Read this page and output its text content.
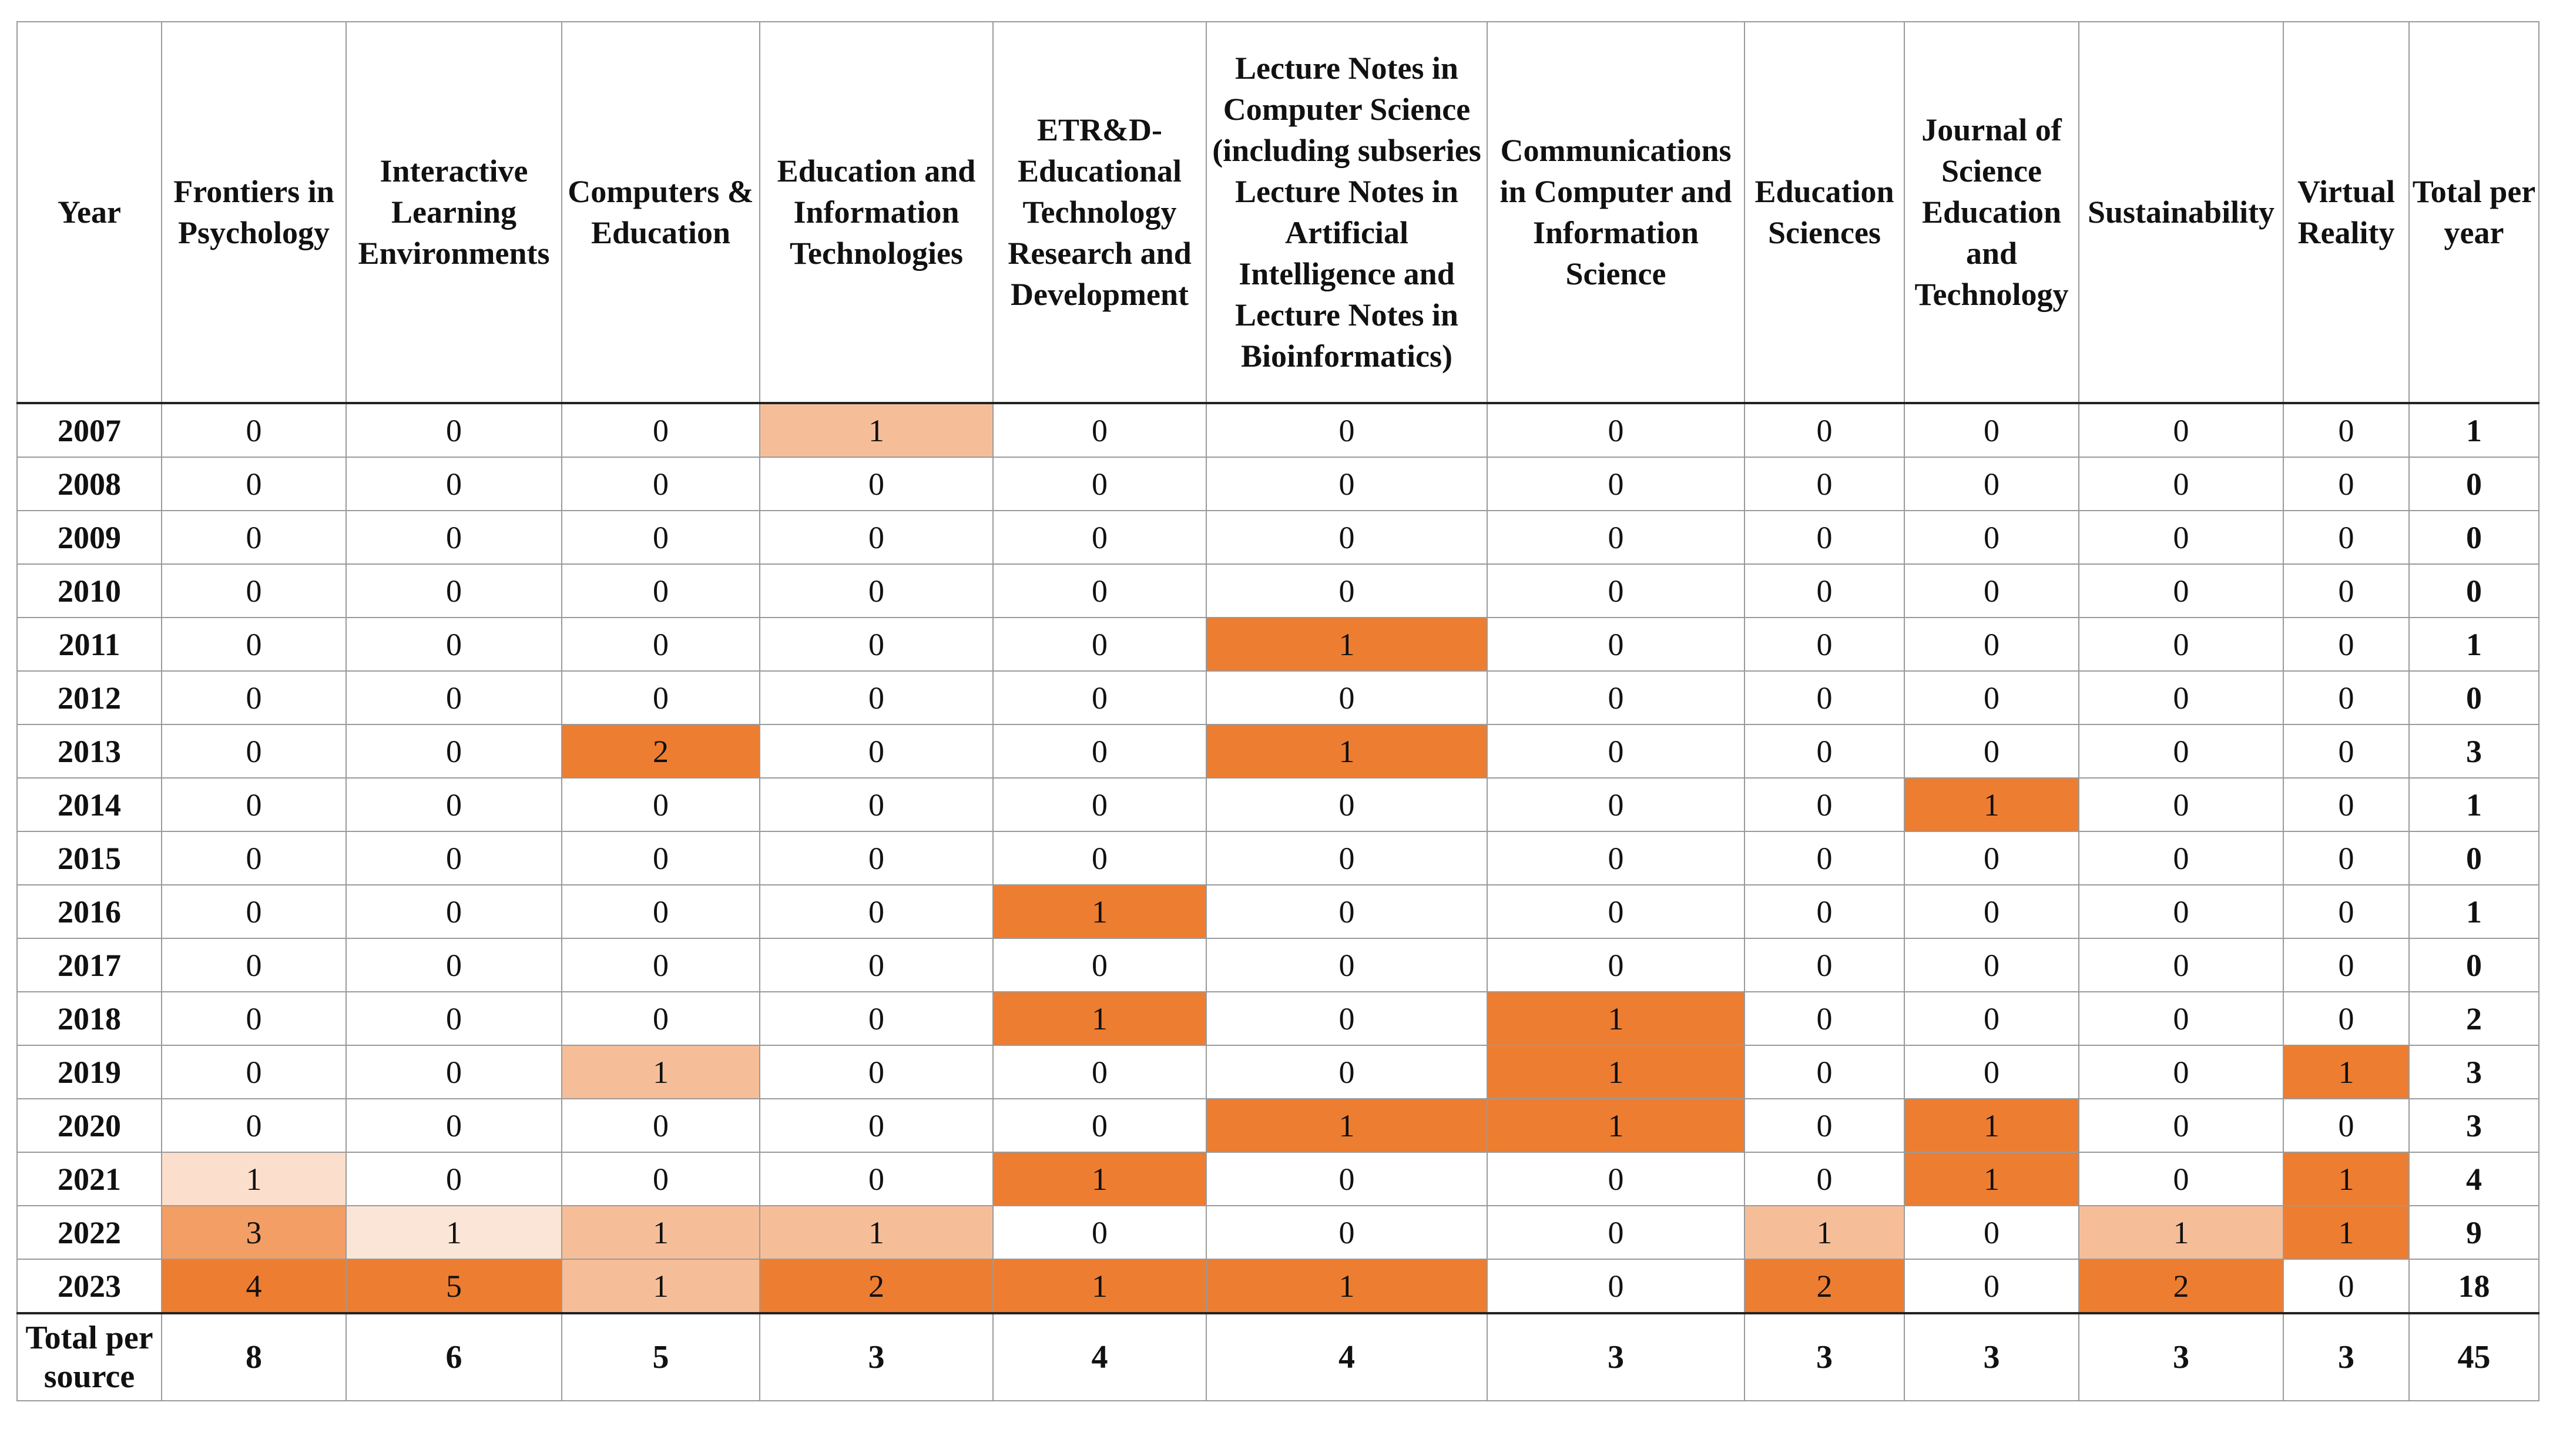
Year	Frontiers in Psychology	Interactive Learning Environments	Computers & Education	Education and Information Technologies	ETR&D-Educational Technology Research and Development	Lecture Notes in Computer Science (including subseries Lecture Notes in Artificial Intelligence and Lecture Notes in Bioinformatics)	Communications in Computer and Information Science	Education Sciences	Journal of Science Education and Technology	Sustainability	Virtual Reality	Total per year
2007	0	0	0	1	0	0	0	0	0	0	0	1
2008	0	0	0	0	0	0	0	0	0	0	0	0
2009	0	0	0	0	0	0	0	0	0	0	0	0
2010	0	0	0	0	0	0	0	0	0	0	0	0
2011	0	0	0	0	0	1	0	0	0	0	0	1
2012	0	0	0	0	0	0	0	0	0	0	0	0
2013	0	0	2	0	0	1	0	0	0	0	0	3
2014	0	0	0	0	0	0	0	0	1	0	0	1
2015	0	0	0	0	0	0	0	0	0	0	0	0
2016	0	0	0	0	1	0	0	0	0	0	0	1
2017	0	0	0	0	0	0	0	0	0	0	0	0
2018	0	0	0	0	1	0	1	0	0	0	0	2
2019	0	0	1	0	0	0	1	0	0	0	1	3
2020	0	0	0	0	0	1	1	0	1	0	0	3
2021	1	0	0	0	1	0	0	0	1	0	1	4
2022	3	1	1	1	0	0	0	1	0	1	1	9
2023	4	5	1	2	1	1	0	2	0	2	0	18
Total per source	8	6	5	3	4	4	3	3	3	3	3	45
